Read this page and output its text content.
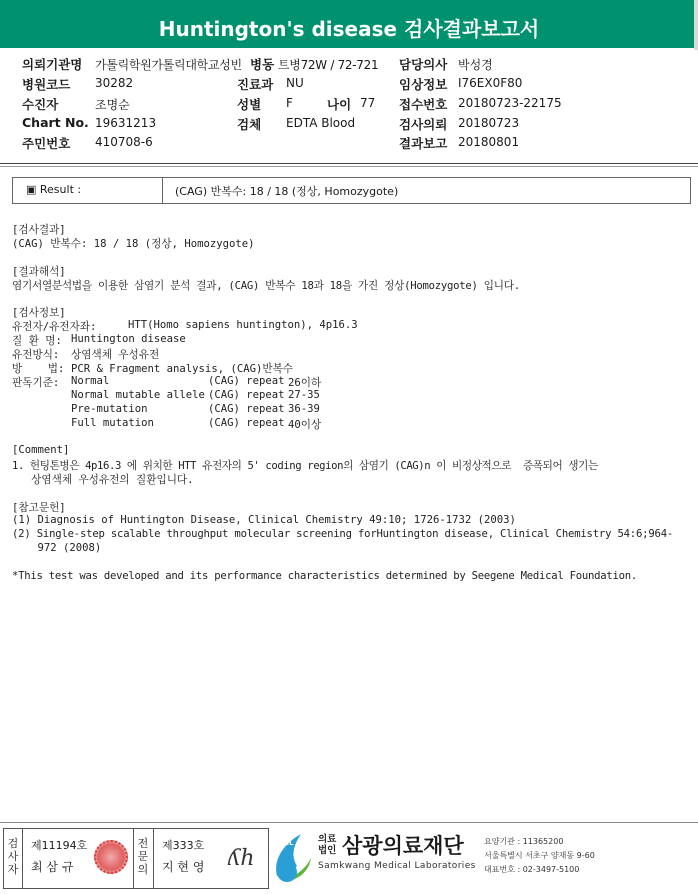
Huntington's disease 검사결과보고서
의뢰기관명 가톨릭학원가톨릭대학교성빈 병동 트병72W / 72-721 담당의사 박성경
병원코드 30282	진료과 NU	임상정보 I76EX0F80
수진자	조명순	성별 F	나이 77 접수번호 20180723-22175
Chart No. 19631213	검체 EDTA Blood	검사의뢰 20180723
주민번호 410708-6	결과보고 20180801
▣ Result :	(CAG) 반복수: 18 / 18 (정상, Homozygote)
[검사결과]
(CAG) 반복수: 18 / 18 (정상, Homozygote)
[결과해석]
염기서열분석법을 이용한 삼염기 분석 결과, (CAG) 반복수 18과 18을 가진 정상(Homozygote) 입니다.
[검사정보]
유전자/유전자좌:	HTT(Homo sapiens huntington), 4p16.3
질 환 명: Huntington disease
유전방식: 상염색체 우성유전
방    법: PCR & Fragment analysis, (CAG)반복수
판독기준: Normal	(CAG) repeat 26이하
Normal mutable allele (CAG) repeat 27-35
Pre-mutation	(CAG) repeat 36-39
Full mutation	(CAG) repeat 40이상
[Comment]
1. 헌팅톤병은 4p16.3 에 위치한 HTT 유전자의 5' coding region의 삼염기 (CAG)n 이 비정상적으로  증폭되어 생기는
상염색체 우성유전의 질환입니다.
[참고문헌]
(1) Diagnosis of Huntington Disease, Clinical Chemistry 49:10; 1726-1732 (2003)
(2) Single-step scalable throughput molecular screening forHuntington disease, Clinical Chemistry 54:6;964-
972 (2008)
*This test was developed and its performance characteristics determined by Seegene Medical Foundation.
검사자
제11194호
최 삼 규
전문의
제333호
지 현 영 ʎh
SML	의료
법인 삼광의료재단
Samkwang Medical Laboratories
요양기관 : 11365200
서울특별시 서초구 양재동 9-60
대표번호 : 02-3497-5100
